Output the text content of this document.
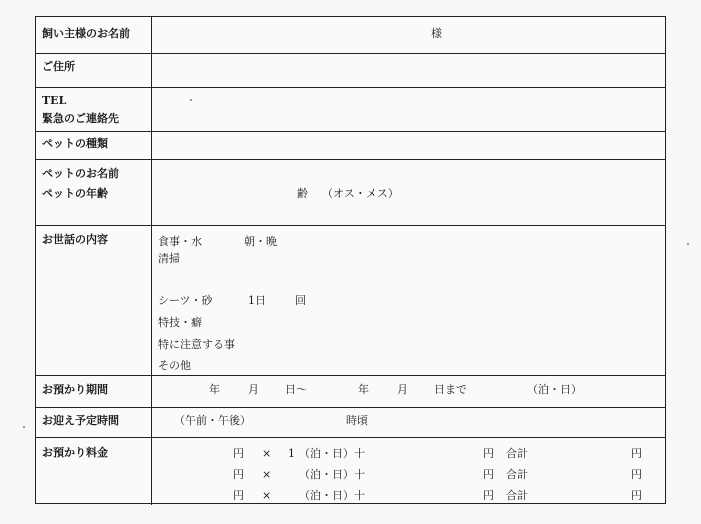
飼い主様のお名前	様
ご住所
TEL
緊急のご連絡先
ペットの種類
ペットのお名前
ペットの年齢	齢 （オス・メス）
お世話の内容	食事・水	朝・晩
清掃
シーツ・砂	1日	回
特技・癖
特に注意する事
その他
お預かり期間	年	月 日～	年	月 日まで	（泊・日）
お迎え予定時間	（午前・午後）	時頃
お預かり料金	円 × 1 （泊・日）十	円 合計	円
円 ×	（泊・日）十	円 合計	円
円 ×	（泊・日）十	円 合計	円
